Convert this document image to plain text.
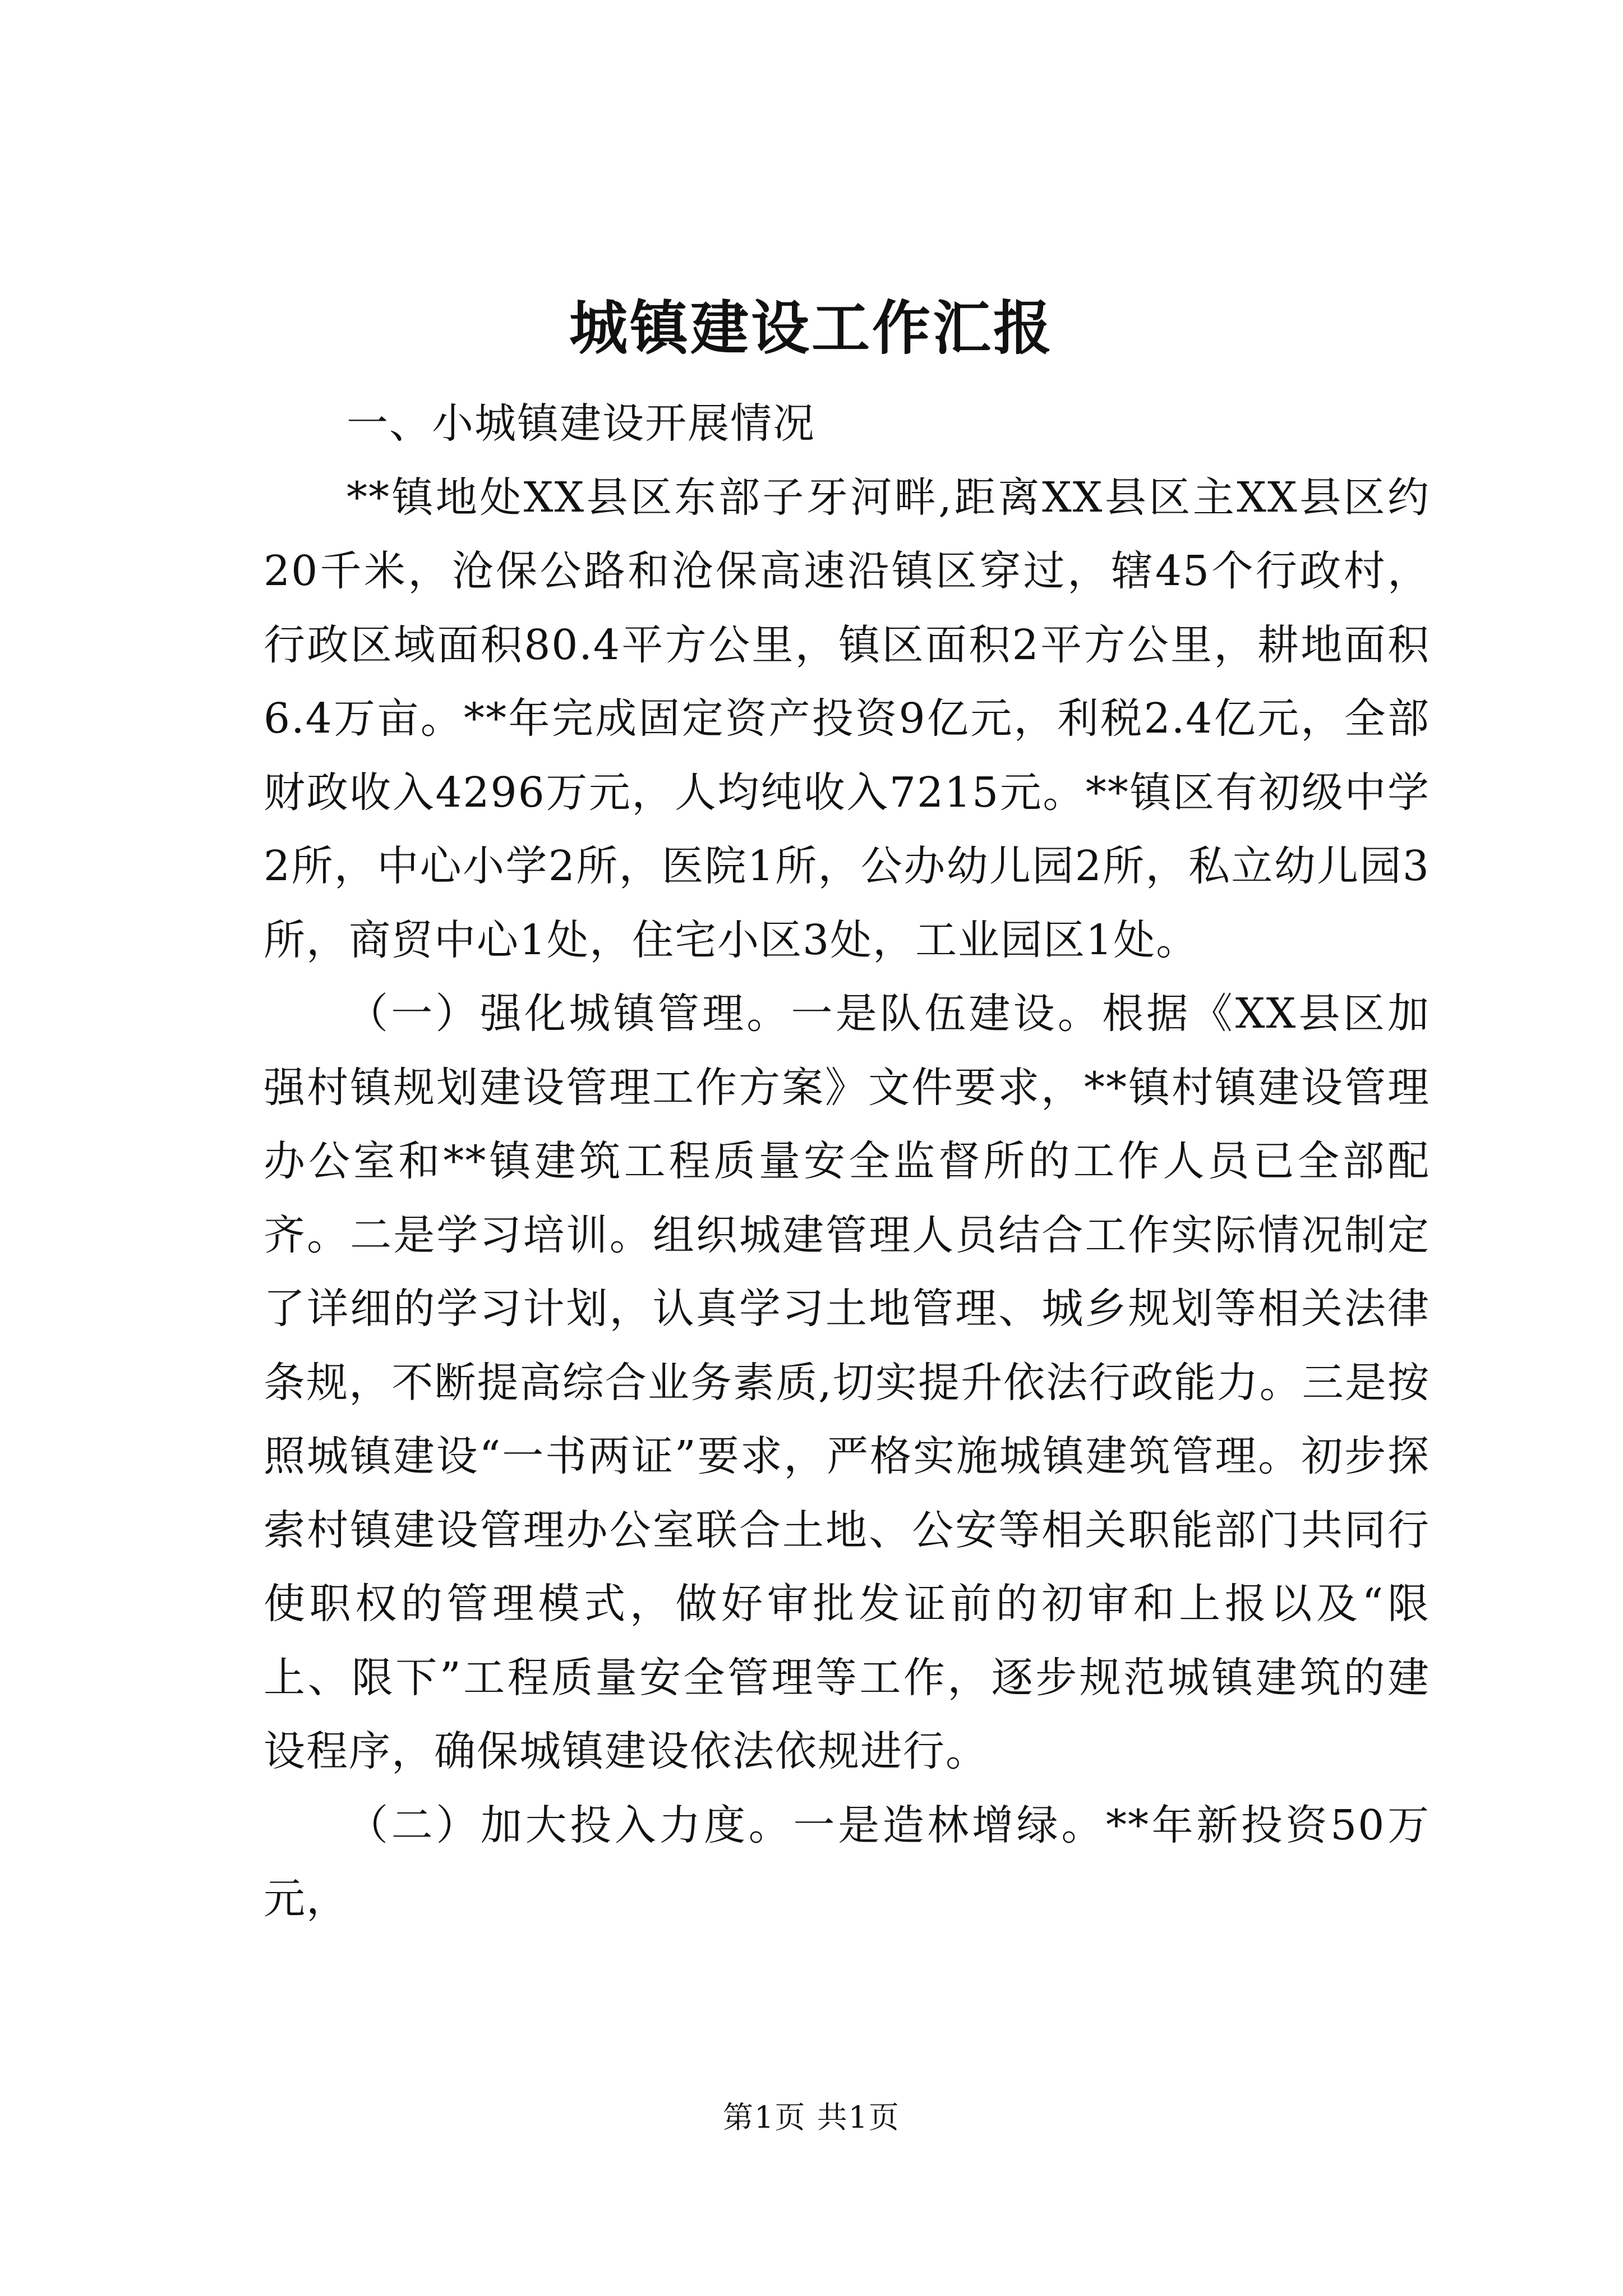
城镇建设工作汇报

一、小城镇建设开展情况

**镇地处XX县区东部子牙河畔,距离XX县区主XX县区约20千米，沧保公路和沧保高速沿镇区穿过，辖45个行政村，行政区域面积80.4平方公里，镇区面积2平方公里，耕地面积6.4万亩。**年完成固定资产投资9亿元，利税2.4亿元，全部财政收入4296万元，人均纯收入7215元。**镇区有初级中学2所，中心小学2所，医院1所，公办幼儿园2所，私立幼儿园3所，商贸中心1处，住宅小区3处，工业园区1处。

（一）强化城镇管理。一是队伍建设。根据《XX县区加强村镇规划建设管理工作方案》文件要求，**镇村镇建设管理办公室和**镇建筑工程质量安全监督所的工作人员已全部配齐。二是学习培训。组织城建管理人员结合工作实际情况制定了详细的学习计划，认真学习土地管理、城乡规划等相关法律条规，不断提高综合业务素质,切实提升依法行政能力。三是按照城镇建设“一书两证”要求，严格实施城镇建筑管理。初步探索村镇建设管理办公室联合土地、公安等相关职能部门共同行使职权的管理模式，做好审批发证前的初审和上报以及“限上、限下”工程质量安全管理等工作，逐步规范城镇建筑的建设程序，确保城镇建设依法依规进行。

（二）加大投入力度。一是造林增绿。**年新投资50万元，

第1页 共1页
